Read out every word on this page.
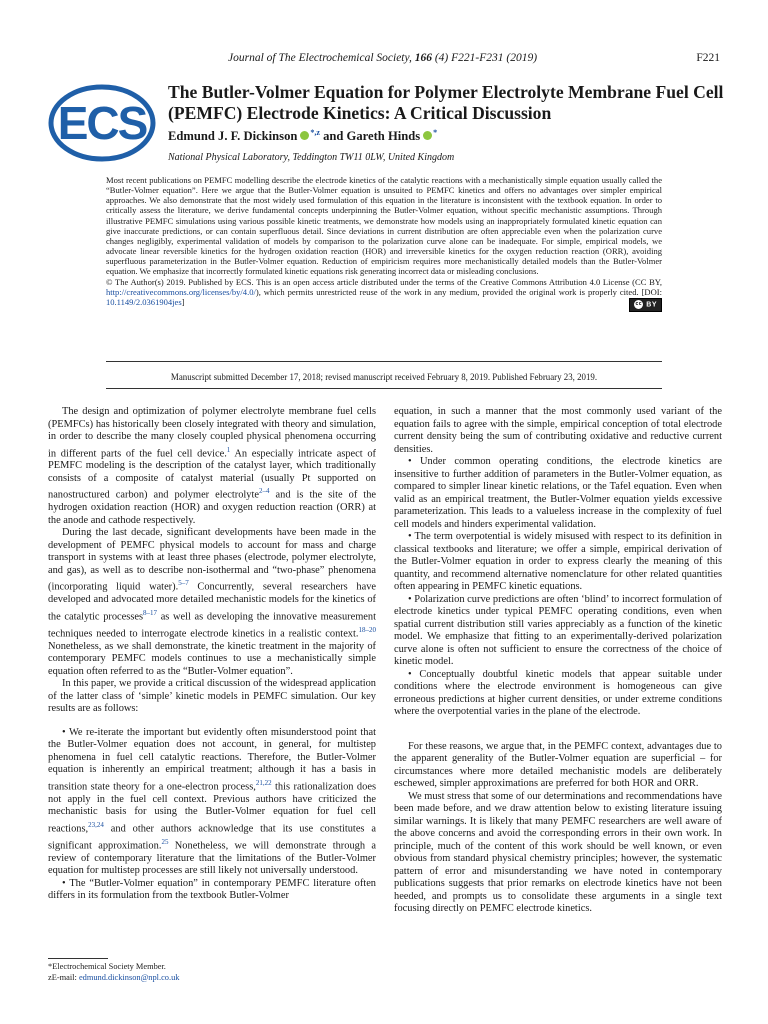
Journal of The Electrochemical Society, 166 (4) F221-F231 (2019)	F221
ECS
The Butler-Volmer Equation for Polymer Electrolyte Membrane Fuel Cell (PEMFC) Electrode Kinetics: A Critical Discussion
Edmund J. F. Dickinson $^{*,z}$ and Gareth Hinds *
National Physical Laboratory, Teddington TW11 0LW, United Kingdom

Most recent publications on PEMFC modelling describe the electrode kinetics of the catalytic reactions with a mechanistically simple equation usually called the “Butler-Volmer equation”. Here we argue that the Butler-Volmer equation is unsuited to PEMFC kinetics and offers no advantages over simpler empirical approaches. We also demonstrate that the most widely used formulation of this equation in the literature is inconsistent with the textbook equation. In order to critically assess the literature, we derive fundamental concepts underpinning the Butler-Volmer equation, without specific mechanistic assumptions. Through illustrative PEMFC simulations using various possible kinetic treatments, we demonstrate how models using an inappropriately formulated kinetic equation can give inaccurate predictions, or can contain superfluous detail. Since deviations in current distribution are often appreciable even when the polarization curve changes negligibly, experimental validation of models by comparison to the polarization curve alone can be inadequate. For simple, empirical models, we advocate linear reversible kinetics for the hydrogen oxidation reaction (HOR) and irreversible kinetics for the oxygen reduction reaction (ORR), avoiding superfluous parameterization in the Butler-Volmer equation. Reduction of empiricism requires more mechanistically detailed models than the Butler-Volmer equation. We emphasize that incorrectly formulated kinetic equations risk generating incorrect data or misleading conclusions.

© The Author(s) 2019. Published by ECS. This is an open access article distributed under the terms of the Creative Commons Attribution 4.0 License (CC BY, http://creativecommons.org/licenses/by/4.0/), which permits unrestricted reuse of the work in any medium, provided the original work is properly cited. [DOI: 10.1149/2.0361904jes]	cc BY

Manuscript submitted December 17, 2018; revised manuscript received February 8, 2019. Published February 23, 2019.

The design and optimization of polymer electrolyte membrane fuel cells (PEMFCs) has historically been closely integrated with theory and simulation, in order to describe the many closely coupled physical phenomena occurring in different parts of the fuel cell device.$^1$ An especially intricate aspect of PEMFC modeling is the description of the catalyst layer, which traditionally consists of a composite of catalyst material (usually Pt supported on nanostructured carbon) and polymer electrolyte$^{2-4}$ and is the site of the hydrogen oxidation reaction (HOR) and oxygen reduction reaction (ORR) at the anode and cathode respectively.

During the last decade, significant developments have been made in the development of PEMFC physical models to account for mass and charge transport in systems with at least three phases (electrode, polymer electrolyte, and gas), as well as to describe non-isothermal and “two-phase” phenomena (incorporating liquid water).$^{5-7}$ Concurrently, several researchers have developed and advocated more detailed mechanistic models for the kinetics of the catalytic processes$^{8-17}$ as well as developing the innovative measurement techniques needed to interrogate electrode kinetics in a realistic context.$^{18-20}$ Nonetheless, as we shall demonstrate, the kinetic treatment in the majority of contemporary PEMFC models continues to use a mechanistically simple equation often referred to as the “Butler-Volmer equation”.

In this paper, we provide a critical discussion of the widespread application of the latter class of ‘simple’ kinetic models in PEMFC simulation. Our key results are as follows:

• We re-iterate the important but evidently often misunderstood point that the Butler-Volmer equation does not account, in general, for multistep phenomena in fuel cell catalytic reactions. Therefore, the Butler-Volmer equation is inherently an empirical treatment; although it has a basis in transition state theory for a one-electron process,$^{21,22}$ this rationalization does not apply in the fuel cell context. Previous authors have criticized the mechanistic basis for using the Butler-Volmer equation for fuel cell reactions,$^{23,24}$ and other authors acknowledge that its use constitutes a significant approximation.$^{25}$ Nonetheless, we will demonstrate through a review of contemporary literature that the limitations of the Butler-Volmer equation for multistep processes are still likely not universally understood.

• The “Butler-Volmer equation” in contemporary PEMFC literature often differs in its formulation from the textbook Butler-Volmer

equation, in such a manner that the most commonly used variant of the equation fails to agree with the simple, empirical conception of total electrode current density being the sum of contributing oxidative and reductive current densities.

• Under common operating conditions, the electrode kinetics are insensitive to further addition of parameters in the Butler-Volmer equation, as compared to simpler linear kinetic relations, or the Tafel equation. Even when valid as an empirical treatment, the Butler-Volmer equation yields excessive parameterization. This leads to a valueless increase in the complexity of fuel cell models and hinders experimental validation.

• The term overpotential is widely misused with respect to its definition in classical textbooks and literature; we offer a simple, empirical derivation of the Butler-Volmer equation in order to express clearly the meaning of this quantity, and recommend alternative nomenclature for other related quantities often appearing in PEMFC kinetic equations.

• Polarization curve predictions are often ‘blind’ to incorrect formulation of electrode kinetics under typical PEMFC operating conditions, even when spatial current distribution still varies appreciably as a function of the kinetic model. We emphasize that fitting to an experimentally-derived polarization curve alone is often not sufficient to ensure the correctness of the choice of kinetic model.

• Conceptually doubtful kinetic models that appear suitable under conditions where the electrode environment is homogeneous can give erroneous predictions at higher current densities, or under extreme conditions where the overpotential varies in the plane of the electrode.

For these reasons, we argue that, in the PEMFC context, advantages due to the apparent generality of the Butler-Volmer equation are superficial – for circumstances where more detailed mechanistic models are deliberately eschewed, simpler approximations are preferred for both HOR and ORR.

We must stress that some of our determinations and recommendations have been made before, and we draw attention below to existing literature issuing similar warnings. It is likely that many PEMFC researchers are well aware of the above concerns and avoid the corresponding errors in their own work. In principle, much of the content of this work should be well known, or even obvious from standard physical chemistry principles; however, the systematic pattern of error and misunderstanding we have noted in contemporary publications suggests that prior remarks on electrode kinetics have not been heeded, and prompts us to consolidate these arguments in a single text focusing directly on PEMFC electrode kinetics.

*Electrochemical Society Member.
zE-mail: edmund.dickinson@npl.co.uk
